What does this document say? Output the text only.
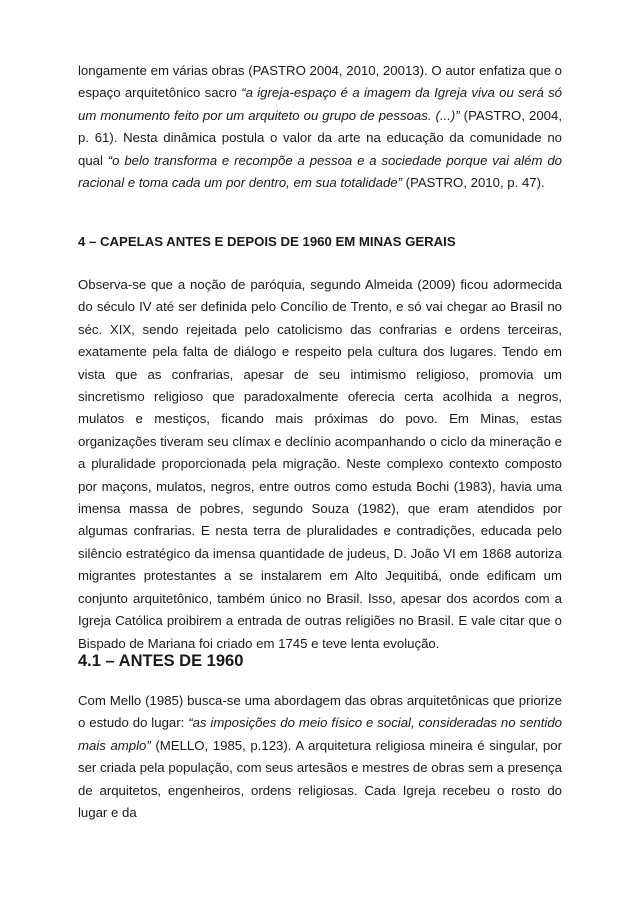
longamente em várias obras (PASTRO 2004, 2010, 20013). O autor enfatiza que o espaço arquitetônico sacro “a igreja-espaço é a imagem da Igreja viva ou será só um monumento feito por um arquiteto ou grupo de pessoas. (...)” (PASTRO, 2004, p. 61). Nesta dinâmica postula o valor da arte na educação da comunidade no qual “o belo transforma e recompõe a pessoa e a sociedade porque vai além do racional e toma cada um por dentro, em sua totalidade” (PASTRO, 2010, p. 47).

4 – CAPELAS ANTES E DEPOIS DE 1960 EM MINAS GERAIS

Observa-se que a noção de paróquia, segundo Almeida (2009) ficou adormecida do século IV até ser definida pelo Concílio de Trento, e só vai chegar ao Brasil no séc. XIX, sendo rejeitada pelo catolicismo das confrarias e ordens terceiras, exatamente pela falta de diálogo e respeito pela cultura dos lugares. Tendo em vista que as confrarias, apesar de seu intimismo religioso, promovia um sincretismo religioso que paradoxalmente oferecia certa acolhida a negros, mulatos e mestiços, ficando mais próximas do povo. Em Minas, estas organizações tiveram seu clímax e declínio acompanhando o ciclo da mineração e a pluralidade proporcionada pela migração. Neste complexo contexto composto por maçons, mulatos, negros, entre outros como estuda Bochi (1983), havia uma imensa massa de pobres, segundo Souza (1982), que eram atendidos por algumas confrarias. E nesta terra de pluralidades e contradições, educada pelo silêncio estratégico da imensa quantidade de judeus, D. João VI em 1868 autoriza migrantes protestantes a se instalarem em Alto Jequitibá, onde edificam um conjunto arquitetônico, também único no Brasil. Isso, apesar dos acordos com a Igreja Católica proibirem a entrada de outras religiões no Brasil. E vale citar que o Bispado de Mariana foi criado em 1745 e teve lenta evolução.

4.1 – ANTES DE 1960

Com Mello (1985) busca-se uma abordagem das obras arquitetônicas que priorize o estudo do lugar: “as imposições do meio físico e social, consideradas no sentido mais amplo” (MELLO, 1985, p.123). A arquitetura religiosa mineira é singular, por ser criada pela população, com seus artesãos e mestres de obras sem a presença de arquitetos, engenheiros, ordens religiosas. Cada Igreja recebeu o rosto do lugar e da
